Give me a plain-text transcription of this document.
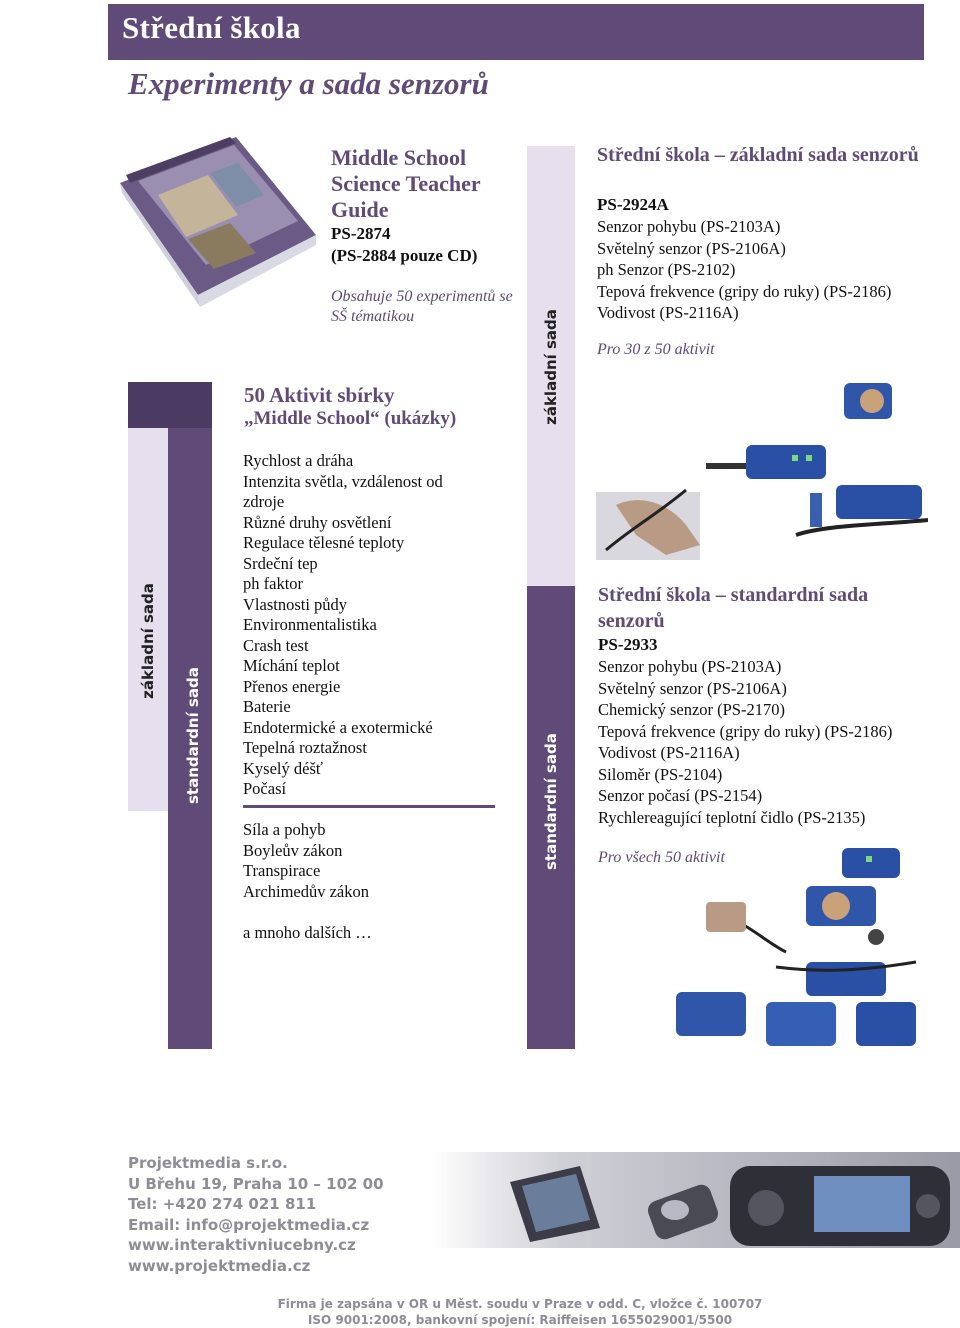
Střední škola
Experimenty a sada senzorů
základní sada
standardní sada
základní sada
standardní sada
Middle School Science Teacher Guide
PS-2874
(PS-2884 pouze CD)
Obsahuje 50 experimentů se SŠ tématikou
50 Aktivit sbírky
„Middle School“ (ukázky)
Rychlost a dráha
Intenzita světla, vzdálenost od
zdroje
Různé druhy osvětlení
Regulace tělesné teploty
Srdeční tep
ph faktor
Vlastnosti půdy
Environmentalistika
Crash test
Míchání teplot
Přenos energie
Baterie
Endotermické a exotermické
Tepelná roztažnost
Kyselý déšť
Počasí
Síla a pohyb
Boyleův zákon
Transpirace
Archimedův zákon
a mnoho dalších …
Střední škola – základní sada senzorů
PS-2924A
Senzor pohybu (PS-2103A)
Světelný senzor (PS-2106A)
ph Senzor (PS-2102)
Tepová frekvence (gripy do ruky) (PS-2186)
Vodivost (PS-2116A)
Pro 30 z 50 aktivit
Střední škola – standardní sada senzorů
PS-2933
Senzor pohybu (PS-2103A)
Světelný senzor (PS-2106A)
Chemický senzor (PS-2170)
Tepová frekvence (gripy do ruky) (PS-2186)
Vodivost (PS-2116A)
Siloměr (PS-2104)
Senzor počasí (PS-2154)
Rychlereagující teplotní čidlo (PS-2135)
Pro všech 50 aktivit
Projektmedia s.r.o.
U Břehu 19, Praha 10 – 102 00
Tel: +420 274 021 811
Email: info@projektmedia.cz
www.interaktivniucebny.cz
www.projektmedia.cz
Firma je zapsána v OR u Měst. soudu v Praze v odd. C, vložce č. 100707
ISO 9001:2008, bankovní spojení: Raiffeisen 1655029001/5500
